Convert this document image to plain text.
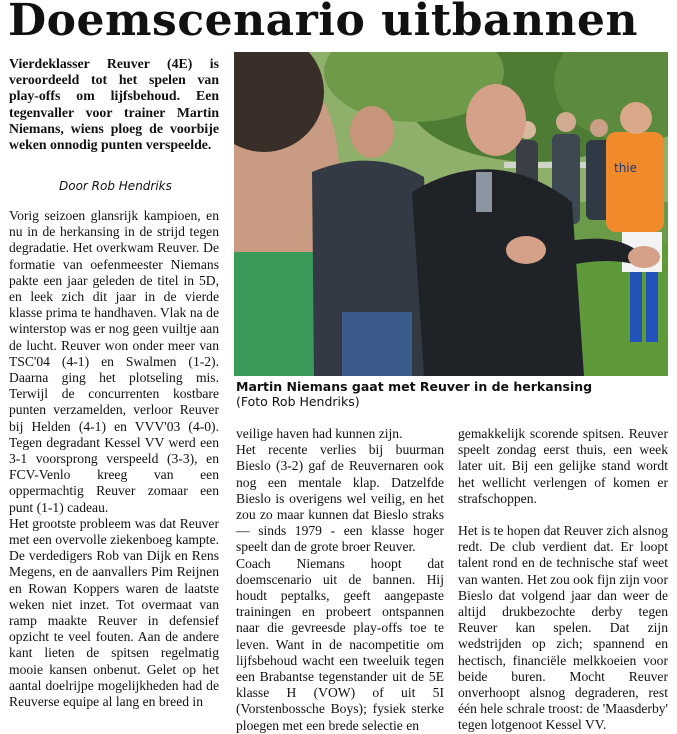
Doemscenario uitbannen

Vierdeklasser Reuver (4E) is veroordeeld tot het spelen van play-offs om lijfsbehoud. Een tegenvaller voor trainer Martin Niemans, wiens ploeg de voorbije weken onnodig punten verspeelde.

Door Rob Hendriks

Vorig seizoen glansrijk kampioen, en nu in de herkansing in de strijd tegen degradatie. Het overkwam Reuver. De formatie van oefenmeester Niemans pakte een jaar geleden de titel in 5D, en leek zich dit jaar in de vierde klasse prima te handhaven. Vlak na de winterstop was er nog geen vuiltje aan de lucht. Reuver won onder meer van TSC'04 (4-1) en Swalmen (1-2). Daarna ging het plotseling mis. Terwijl de concurrenten kostbare punten verzamelden, verloor Reuver bij Helden (4-1) en VVV'03 (4-0). Tegen degradant Kessel VV werd een 3-1 voorsprong verspeeld (3-3), en FCV-Venlo kreeg van een oppermachtig Reuver zomaar een punt (1-1) cadeau.

Het grootste probleem was dat Reuver met een overvolle ziekenboeg kampte. De verdedigers Rob van Dijk en Rens Megens, en de aanvallers Pim Reijnen en Rowan Koppers waren de laatste weken niet inzet. Tot overmaat van ramp maakte Reuver in defensief opzicht te veel fouten. Aan de andere kant lieten de spitsen regelmatig mooie kansen onbenut. Gelet op het aantal doelrijpe mogelijkheden had de Reuverse equipe al lang en breed in

thie
Martin Niemans gaat met Reuver in de herkansing
(Foto Rob Hendriks)

veilige haven had kunnen zijn.

Het recente verlies bij buurman Bieslo (3-2) gaf de Reuvernaren ook nog een mentale klap. Datzelfde Bieslo is overigens wel veilig, en het zou zo maar kunnen dat Bieslo straks — sinds 1979 - een klasse hoger speelt dan de grote broer Reuver.

Coach Niemans hoopt dat doemscenario uit de bannen. Hij houdt peptalks, geeft aangepaste trainingen en probeert ontspannen naar die gevreesde play-offs toe te leven. Want in de nacompetitie om lijfsbehoud wacht een tweeluik tegen een Brabantse tegenstander uit de 5E klasse H (VOW) of uit 5I (Vorstenbossche Boys); fysiek sterke ploegen met een brede selectie en

gemakkelijk scorende spitsen. Reuver speelt zondag eerst thuis, een week later uit. Bij een gelijke stand wordt het wellicht verlengen of komen er strafschoppen.

Het is te hopen dat Reuver zich alsnog redt. De club verdient dat. Er loopt talent rond en de technische staf weet van wanten. Het zou ook fijn zijn voor Bieslo dat volgend jaar dan weer de altijd drukbezochte derby tegen Reuver kan spelen. Dat zijn wedstrijden op zich; spannend en hectisch, financiële melkkoeien voor beide buren. Mocht Reuver onverhoopt alsnog degraderen, rest één hele schrale troost: de 'Maasderby' tegen lotgenoot Kessel VV.
